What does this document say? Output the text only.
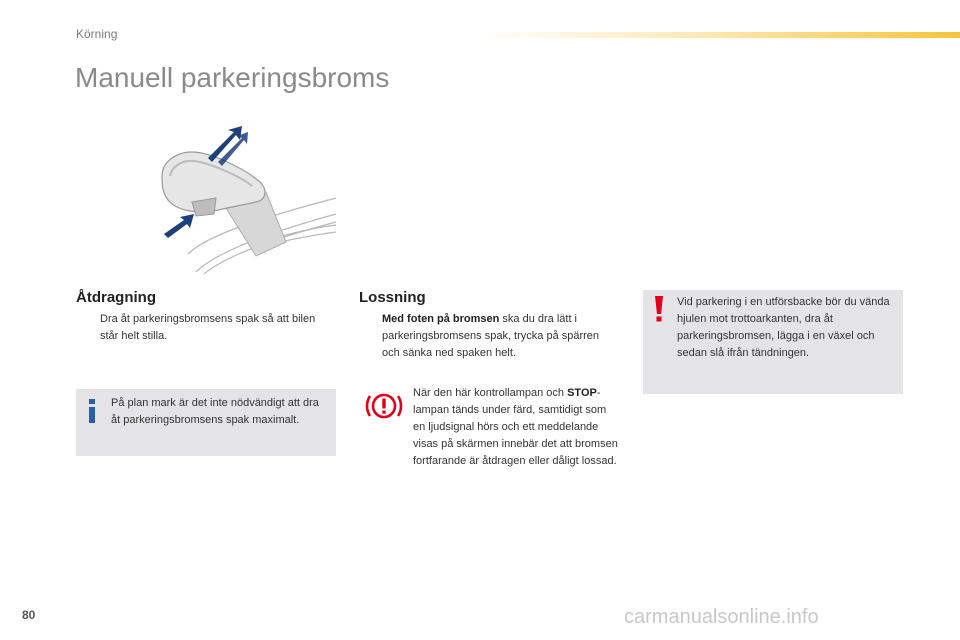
Körning
Manuell parkeringsbroms
Åtdragning
Dra åt parkeringsbromsens spak så att bilen står helt stilla.
På plan mark är det inte nödvändigt att dra åt parkeringsbromsens spak maximalt.
Lossning
Med foten på bromsen ska du dra lätt i parkeringsbromsens spak, trycka på spärren och sänka ned spaken helt.
När den här kontrollampan och STOP-lampan tänds under färd, samtidigt som en ljudsignal hörs och ett meddelande visas på skärmen innebär det att bromsen fortfarande är åtdragen eller dåligt lossad.
Vid parkering i en utförsbacke bör du vända hjulen mot trottoarkanten, dra åt parkeringsbromsen, lägga i en växel och sedan slå ifrån tändningen.
80	carmanualsonline.info
